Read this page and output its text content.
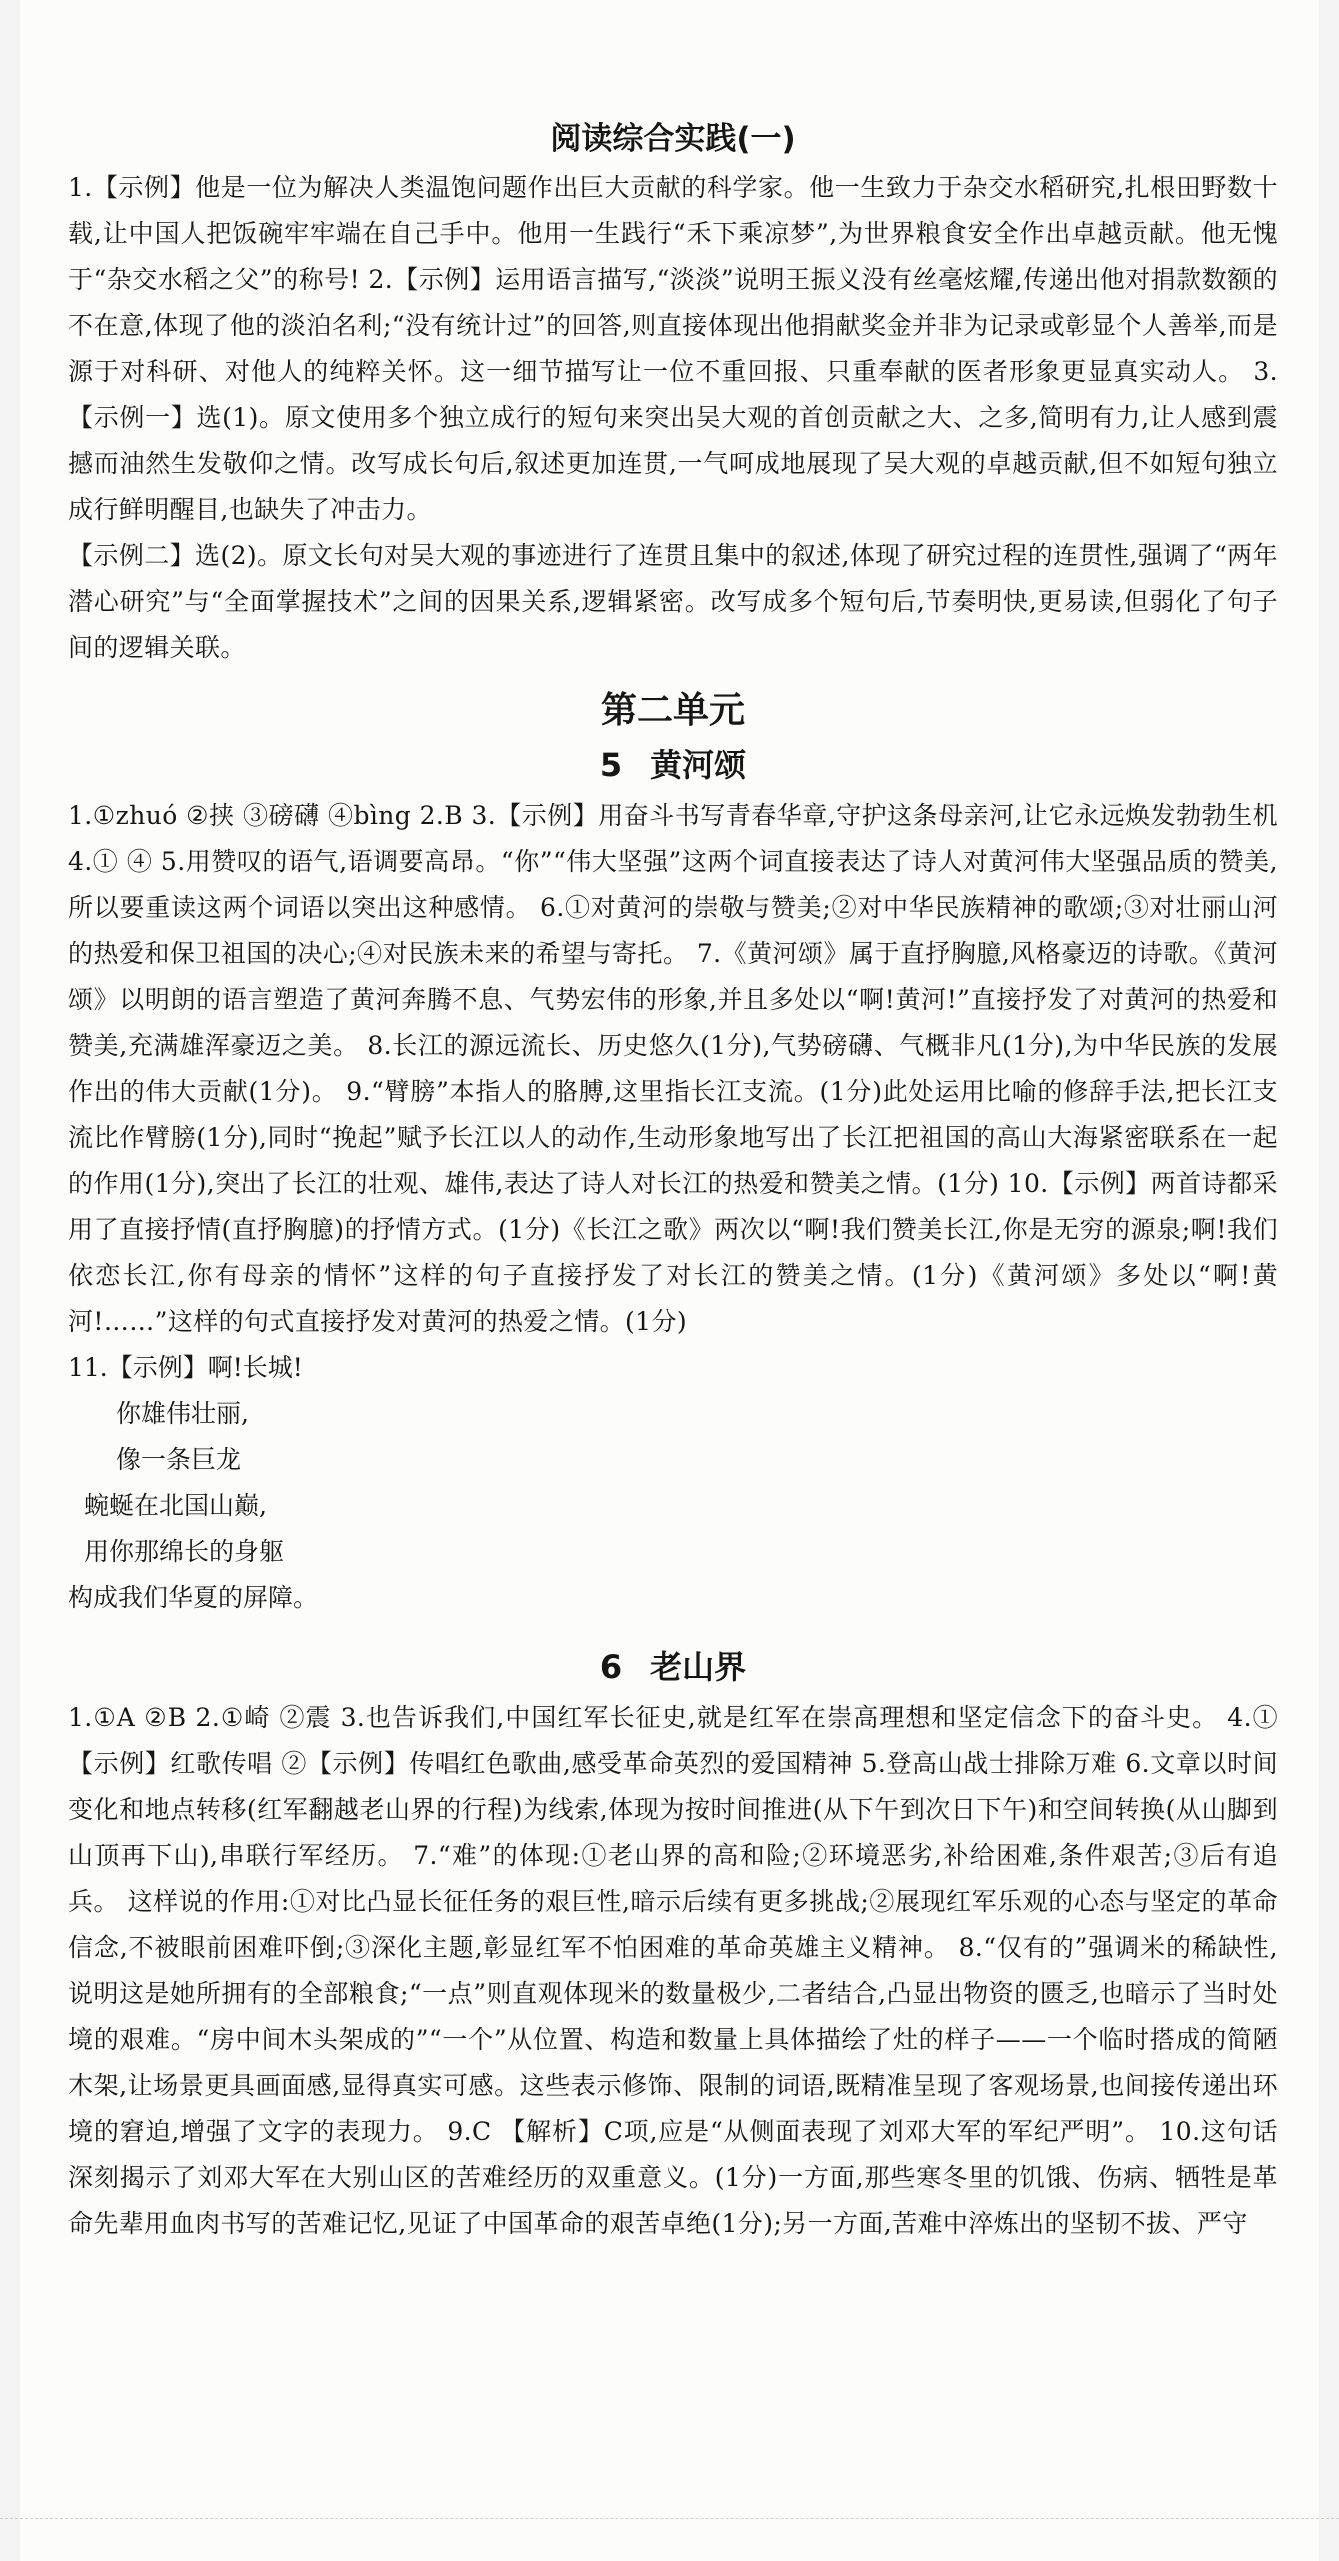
阅读综合实践(一)

1.【示例】他是一位为解决人类温饱问题作出巨大贡献的科学家。他一生致力于杂交水稻研究,扎根田野数十载,让中国人把饭碗牢牢端在自己手中。他用一生践行“禾下乘凉梦”,为世界粮食安全作出卓越贡献。他无愧于“杂交水稻之父”的称号! 2.【示例】运用语言描写,“淡淡”说明王振义没有丝毫炫耀,传递出他对捐款数额的不在意,体现了他的淡泊名利;“没有统计过”的回答,则直接体现出他捐献奖金并非为记录或彰显个人善举,而是源于对科研、对他人的纯粹关怀。这一细节描写让一位不重回报、只重奉献的医者形象更显真实动人。 3.【示例一】选(1)。原文使用多个独立成行的短句来突出吴大观的首创贡献之大、之多,简明有力,让人感到震撼而油然生发敬仰之情。改写成长句后,叙述更加连贯,一气呵成地展现了吴大观的卓越贡献,但不如短句独立成行鲜明醒目,也缺失了冲击力。

【示例二】选(2)。原文长句对吴大观的事迹进行了连贯且集中的叙述,体现了研究过程的连贯性,强调了“两年潜心研究”与“全面掌握技术”之间的因果关系,逻辑紧密。改写成多个短句后,节奏明快,更易读,但弱化了句子间的逻辑关联。

第二单元
5 黄河颂

1.①zhuó ②挟 ③磅礴 ④bìng 2.B 3.【示例】用奋斗书写青春华章,守护这条母亲河,让它永远焕发勃勃生机 4.① ④ 5.用赞叹的语气,语调要高昂。“你”“伟大坚强”这两个词直接表达了诗人对黄河伟大坚强品质的赞美,所以要重读这两个词语以突出这种感情。 6.①对黄河的崇敬与赞美;②对中华民族精神的歌颂;③对壮丽山河的热爱和保卫祖国的决心;④对民族未来的希望与寄托。 7.《黄河颂》属于直抒胸臆,风格豪迈的诗歌。《黄河颂》以明朗的语言塑造了黄河奔腾不息、气势宏伟的形象,并且多处以“啊!黄河!”直接抒发了对黄河的热爱和赞美,充满雄浑豪迈之美。 8.长江的源远流长、历史悠久(1分),气势磅礴、气概非凡(1分),为中华民族的发展作出的伟大贡献(1分)。 9.“臂膀”本指人的胳膊,这里指长江支流。(1分)此处运用比喻的修辞手法,把长江支流比作臂膀(1分),同时“挽起”赋予长江以人的动作,生动形象地写出了长江把祖国的高山大海紧密联系在一起的作用(1分),突出了长江的壮观、雄伟,表达了诗人对长江的热爱和赞美之情。(1分) 10.【示例】两首诗都采用了直接抒情(直抒胸臆)的抒情方式。(1分)《长江之歌》两次以“啊!我们赞美长江,你是无穷的源泉;啊!我们依恋长江,你有母亲的情怀”这样的句子直接抒发了对长江的赞美之情。(1分)《黄河颂》多处以“啊!黄河!……”这样的句式直接抒发对黄河的热爱之情。(1分)

11.【示例】啊!长城!

你雄伟壮丽,

像一条巨龙

蜿蜒在北国山巅,

用你那绵长的身躯

构成我们华夏的屏障。

6 老山界

1.①A ②B 2.①崎 ②震 3.也告诉我们,中国红军长征史,就是红军在崇高理想和坚定信念下的奋斗史。 4.①【示例】红歌传唱 ②【示例】传唱红色歌曲,感受革命英烈的爱国精神 5.登高山战士排除万难 6.文章以时间变化和地点转移(红军翻越老山界的行程)为线索,体现为按时间推进(从下午到次日下午)和空间转换(从山脚到山顶再下山),串联行军经历。 7.“难”的体现:①老山界的高和险;②环境恶劣,补给困难,条件艰苦;③后有追兵。 这样说的作用:①对比凸显长征任务的艰巨性,暗示后续有更多挑战;②展现红军乐观的心态与坚定的革命信念,不被眼前困难吓倒;③深化主题,彰显红军不怕困难的革命英雄主义精神。 8.“仅有的”强调米的稀缺性,说明这是她所拥有的全部粮食;“一点”则直观体现米的数量极少,二者结合,凸显出物资的匮乏,也暗示了当时处境的艰难。“房中间木头架成的”“一个”从位置、构造和数量上具体描绘了灶的样子——一个临时搭成的简陋木架,让场景更具画面感,显得真实可感。这些表示修饰、限制的词语,既精准呈现了客观场景,也间接传递出环境的窘迫,增强了文字的表现力。 9.C 【解析】C项,应是“从侧面表现了刘邓大军的军纪严明”。 10.这句话深刻揭示了刘邓大军在大别山区的苦难经历的双重意义。(1分)一方面,那些寒冬里的饥饿、伤病、牺牲是革命先辈用血肉书写的苦难记忆,见证了中国革命的艰苦卓绝(1分);另一方面,苦难中淬炼出的坚韧不拔、严守
